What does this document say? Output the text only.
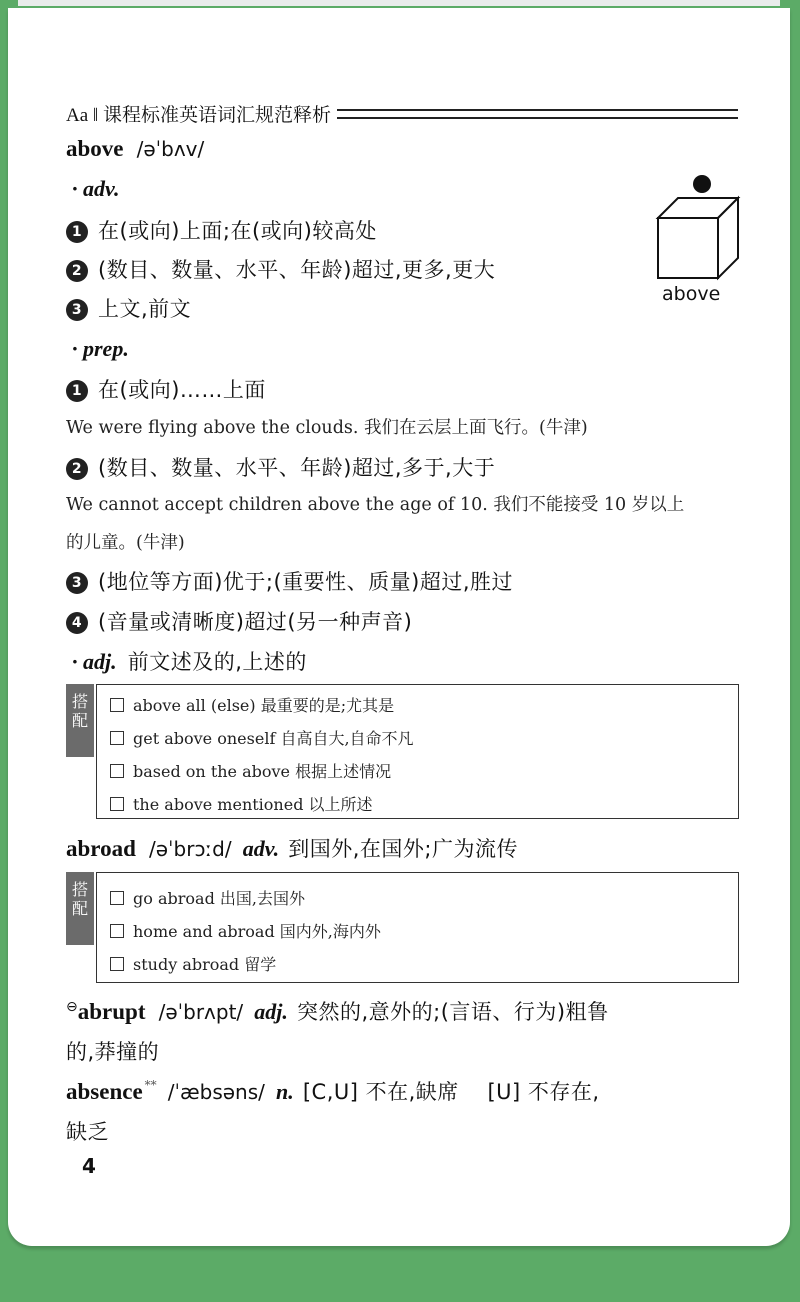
Aa ‖ 课程标准英语词汇规范释析
above /əˈbʌv/
· adv.
1 在(或向)上面;在(或向)较高处
2 (数目、数量、水平、年龄)超过,更多,更大
3 上文,前文
above
· prep.
1 在(或向)……上面
We were flying above the clouds. 我们在云层上面飞行。(牛津)
2 (数目、数量、水平、年龄)超过,多于,大于
We cannot accept children above the age of 10. 我们不能接受 10 岁以上
的儿童。(牛津)
3 (地位等方面)优于;(重要性、质量)超过,胜过
4 (音量或清晰度)超过(另一种声音)
· adj. 前文述及的,上述的
搭配
above all (else) 最重要的是;尤其是
get above oneself 自高自大,自命不凡
based on the above 根据上述情况
the above mentioned 以上所述
abroad /əˈbrɔːd/ adv. 到国外,在国外;广为流传
搭配
go abroad 出国,去国外
home and abroad 国内外,海内外
study abroad 留学
⊖abrupt /əˈbrʌpt/ adj. 突然的,意外的;(言语、行为)粗鲁
的,莽撞的
absence ** /ˈæbsəns/ n. [C,U] 不在,缺席    [U] 不存在,
缺乏
4
